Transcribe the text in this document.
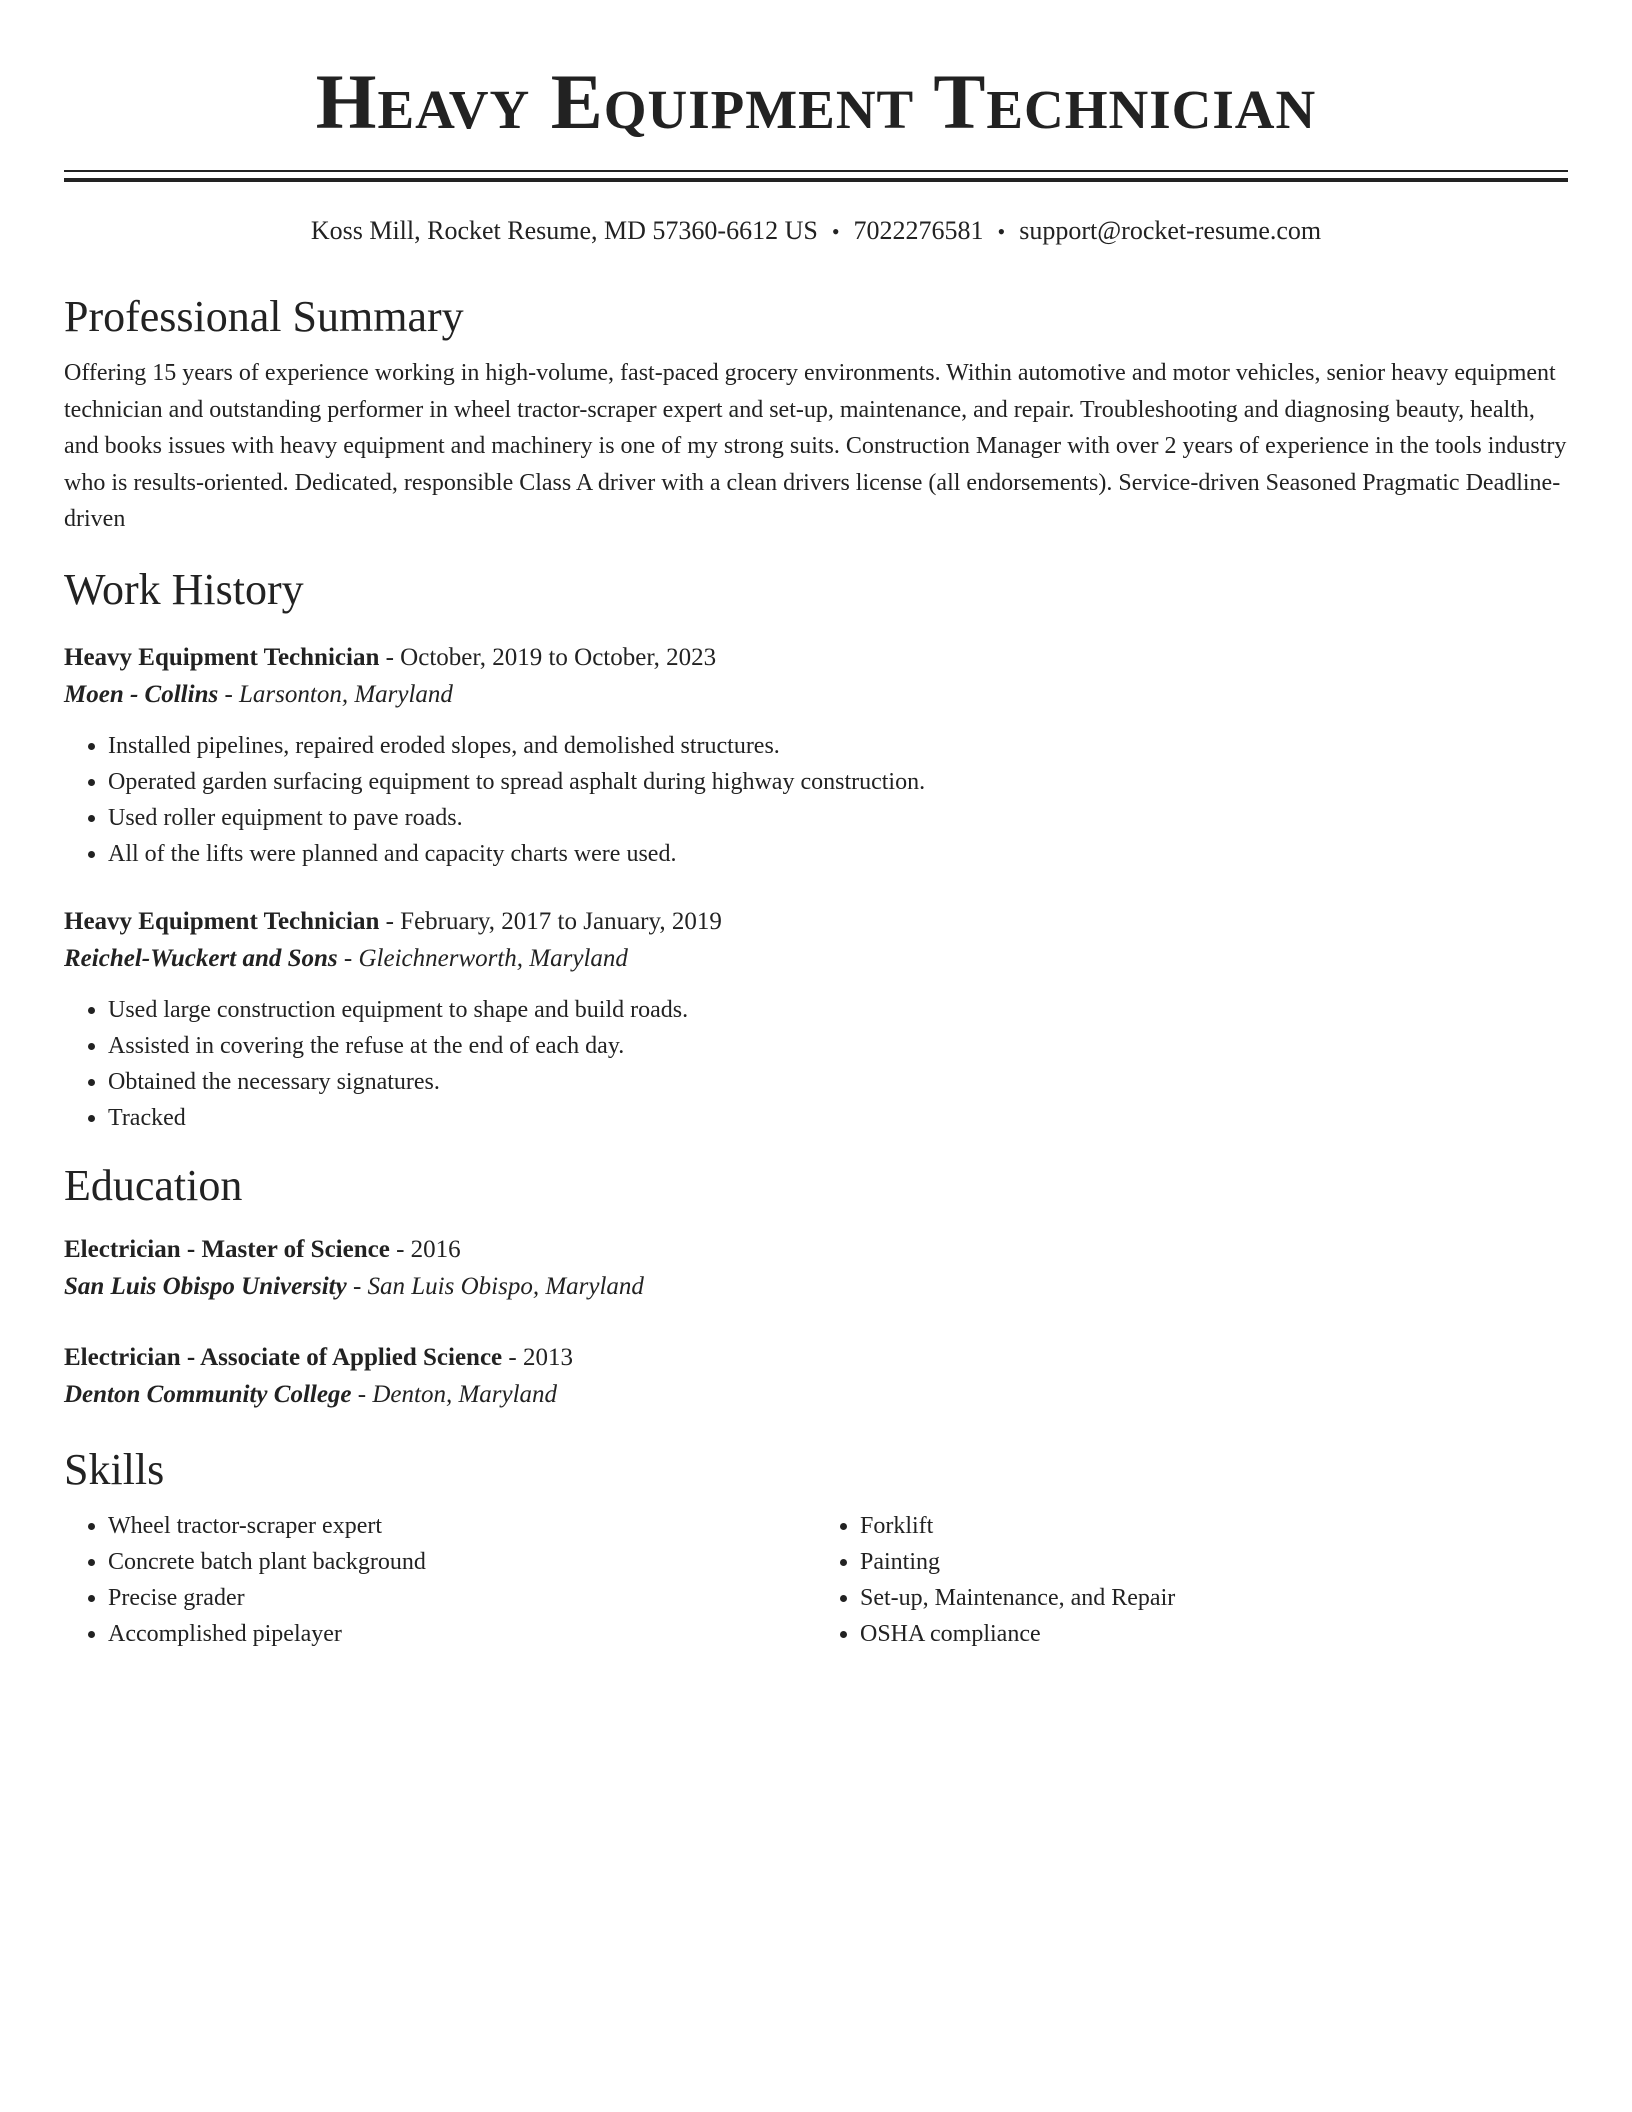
Heavy Equipment Technician
Koss Mill, Rocket Resume, MD 57360-6612 US • 7022276581 • support@rocket-resume.com
Professional Summary

Offering 15 years of experience working in high-volume, fast-paced grocery environments. Within automotive and motor vehicles, senior heavy equipment technician and outstanding performer in wheel tractor-scraper expert and set-up, maintenance, and repair. Troubleshooting and diagnosing beauty, health, and books issues with heavy equipment and machinery is one of my strong suits. Construction Manager with over 2 years of experience in the tools industry who is results-oriented. Dedicated, responsible Class A driver with a clean drivers license (all endorsements). Service-driven Seasoned Pragmatic Deadline-driven

Work History
Heavy Equipment Technician - October, 2019 to October, 2023
Moen - Collins - Larsonton, Maryland
• Installed pipelines, repaired eroded slopes, and demolished structures.
• Operated garden surfacing equipment to spread asphalt during highway construction.
• Used roller equipment to pave roads.
• All of the lifts were planned and capacity charts were used.
Heavy Equipment Technician - February, 2017 to January, 2019
Reichel-Wuckert and Sons - Gleichnerworth, Maryland
• Used large construction equipment to shape and build roads.
• Assisted in covering the refuse at the end of each day.
• Obtained the necessary signatures.
• Tracked
Education
Electrician - Master of Science - 2016
San Luis Obispo University - San Luis Obispo, Maryland
Electrician - Associate of Applied Science - 2013
Denton Community College - Denton, Maryland
Skills
• Wheel tractor-scraper expert
• Concrete batch plant background
• Precise grader
• Accomplished pipelayer
• Forklift
• Painting
• Set-up, Maintenance, and Repair
• OSHA compliance
